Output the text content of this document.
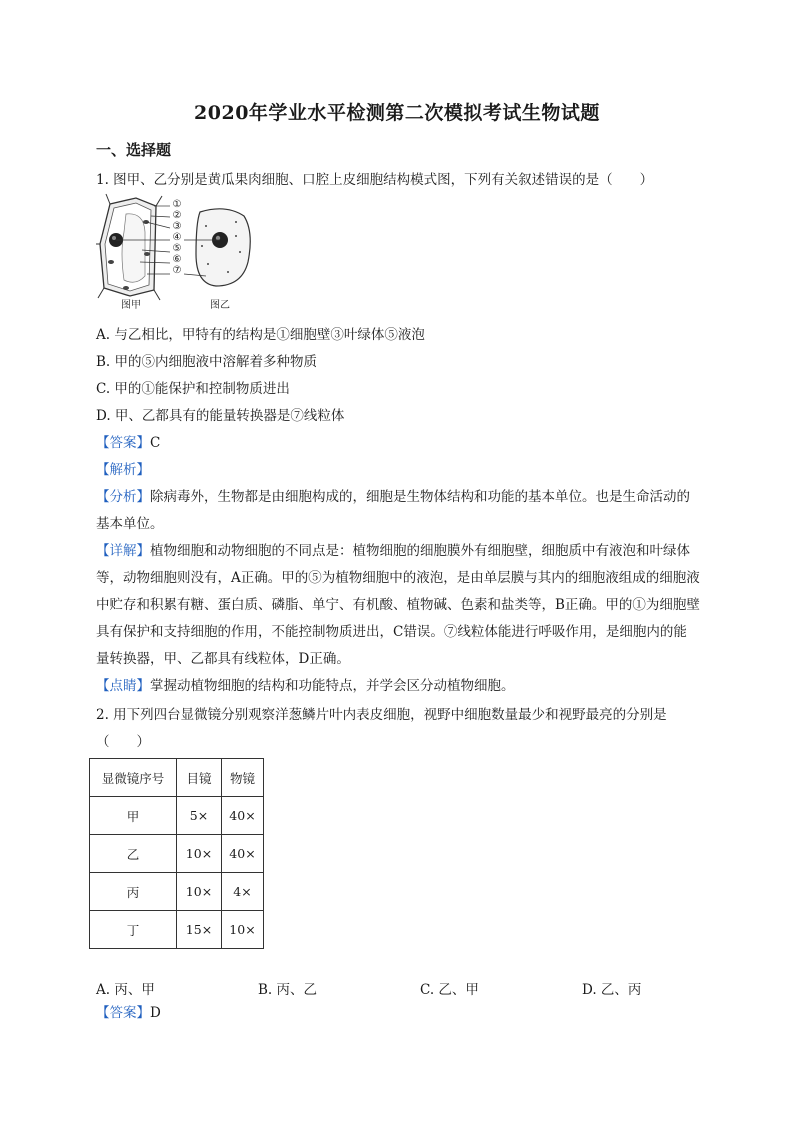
2020年学业水平检测第二次模拟考试生物试题
一、选择题
1. 图甲、乙分别是黄瓜果肉细胞、口腔上皮细胞结构模式图，下列有关叙述错误的是（　　）
①
②
③
④
⑤
⑥
⑦
图甲	图乙
A. 与乙相比，甲特有的结构是①细胞壁③叶绿体⑤液泡
B. 甲的⑤内细胞液中溶解着多种物质
C. 甲的①能保护和控制物质进出
D. 甲、乙都具有的能量转换器是⑦线粒体
【答案】C
【解析】
【分析】除病毒外，生物都是由细胞构成的，细胞是生物体结构和功能的基本单位。也是生命活动的基本单位。
【详解】植物细胞和动物细胞的不同点是：植物细胞的细胞膜外有细胞壁，细胞质中有液泡和叶绿体等，动物细胞则没有，A正确。甲的⑤为植物细胞中的液泡，是由单层膜与其内的细胞液组成的细胞液中贮存和积累有糖、蛋白质、磷脂、单宁、有机酸、植物碱、色素和盐类等，B正确。甲的①为细胞壁具有保护和支持细胞的作用，不能控制物质进出，C错误。⑦线粒体能进行呼吸作用，是细胞内的能量转换器，甲、乙都具有线粒体，D正确。
【点睛】掌握动植物细胞的结构和功能特点，并学会区分动植物细胞。
2. 用下列四台显微镜分别观察洋葱鳞片叶内表皮细胞，视野中细胞数量最少和视野最亮的分别是（　　）
显微镜序号	目镜	物镜
甲	5×	40×
乙	10×	40×
丙	10×	4×
丁	15×	10×
A. 丙、甲	B. 丙、乙	C. 乙、甲	D. 乙、丙
【答案】D
